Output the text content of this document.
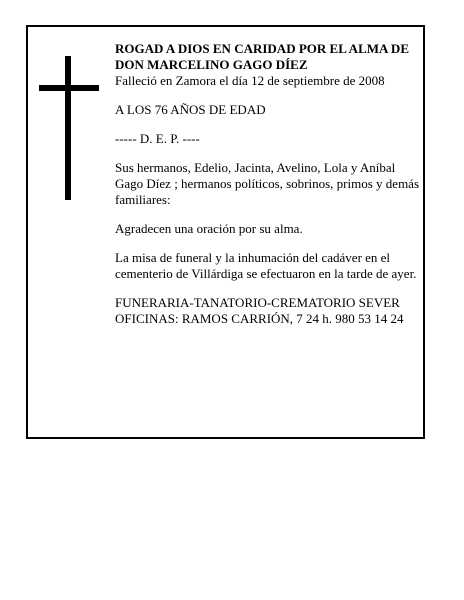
ROGAD A DIOS EN CARIDAD POR EL ALMA DE

DON MARCELINO GAGO DÍEZ

Falleció en Zamora el día 12 de septiembre de 2008

A LOS 76 AÑOS DE EDAD

----- D. E. P. ----

Sus hermanos, Edelio, Jacinta, Avelino, Lola y Aníbal Gago Díez ; hermanos políticos, sobrinos, primos y demás familiares:

Agradecen una oración por su alma.

La misa de funeral y la inhumación del cadáver en el cementerio de Villárdiga se efectuaron en la tarde de ayer.

FUNERARIA-TANATORIO-CREMATORIO SEVER

OFICINAS: RAMOS CARRIÓN, 7 24 h. 980 53 14 24
